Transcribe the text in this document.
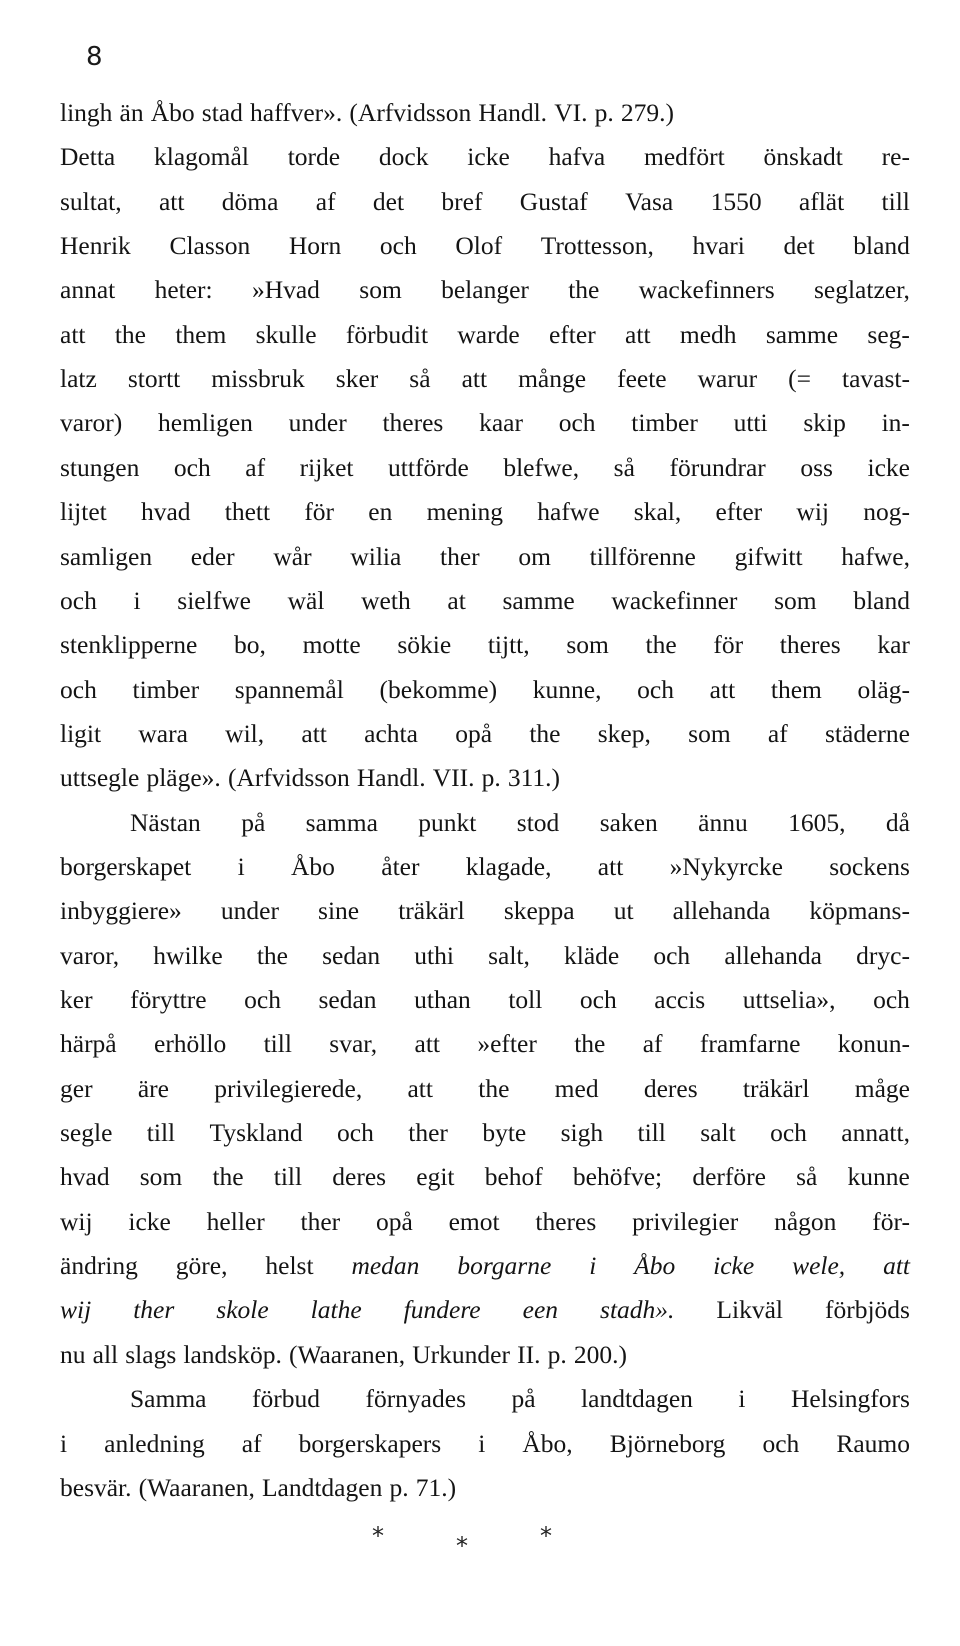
8
lingh än Åbo stad haffver». (Arfvidsson Handl. VI. p. 279.)
Detta klagomål torde dock icke hafva medfört önskadt re-
sultat, att döma af det bref Gustaf Vasa 1550 aflät till
Henrik Classon Horn och Olof Trottesson, hvari det bland
annat heter: »Hvad som belanger the wackefinners seglatzer,
att the them skulle förbudit warde efter att medh samme seg-
latz stortt missbruk sker så att månge feete warur (= tavast-
varor) hemligen under theres kaar och timber utti skip in-
stungen och af rijket uttförde blefwe, så förundrar oss icke
lijtet hvad thett för en mening hafwe skal, efter wij nog-
samligen eder wår wilia ther om tillförenne gifwitt hafwe,
och i sielfwe wäl weth at samme wackefinner som bland
stenklipperne bo, motte sökie tijtt, som the för theres kar
och timber spannemål (bekomme) kunne, och att them oläg-
ligit wara wil, att achta opå the skep, som af städerne
uttsegle pläge». (Arfvidsson Handl. VII. p. 311.)
Nästan på samma punkt stod saken ännu 1605, då
borgerskapet i Åbo åter klagade, att »Nykyrcke sockens
inbyggiere» under sine träkärl skeppa ut allehanda köpmans-
varor, hwilke the sedan uthi salt, kläde och allehanda dryc-
ker föryttre och sedan uthan toll och accis uttselia», och
härpå erhöllo till svar, att »efter the af framfarne konun-
ger äre privilegierede, att the med deres träkärl måge
segle till Tyskland och ther byte sigh till salt och annatt,
hvad som the till deres egit behof behöfve; derföre så kunne
wij icke heller ther opå emot theres privilegier någon för-
ändring göre, helst medan borgarne i Åbo icke wele, att
wij ther skole lathe fundere een stadh». Likväl förbjöds
nu all slags landsköp. (Waaranen, Urkunder II. p. 200.)
Samma förbud förnyades på landtdagen i Helsingfors
i anledning af borgerskapers i Åbo, Björneborg och Raumo
besvär. (Waaranen, Landtdagen p. 71.)
*	*	*
